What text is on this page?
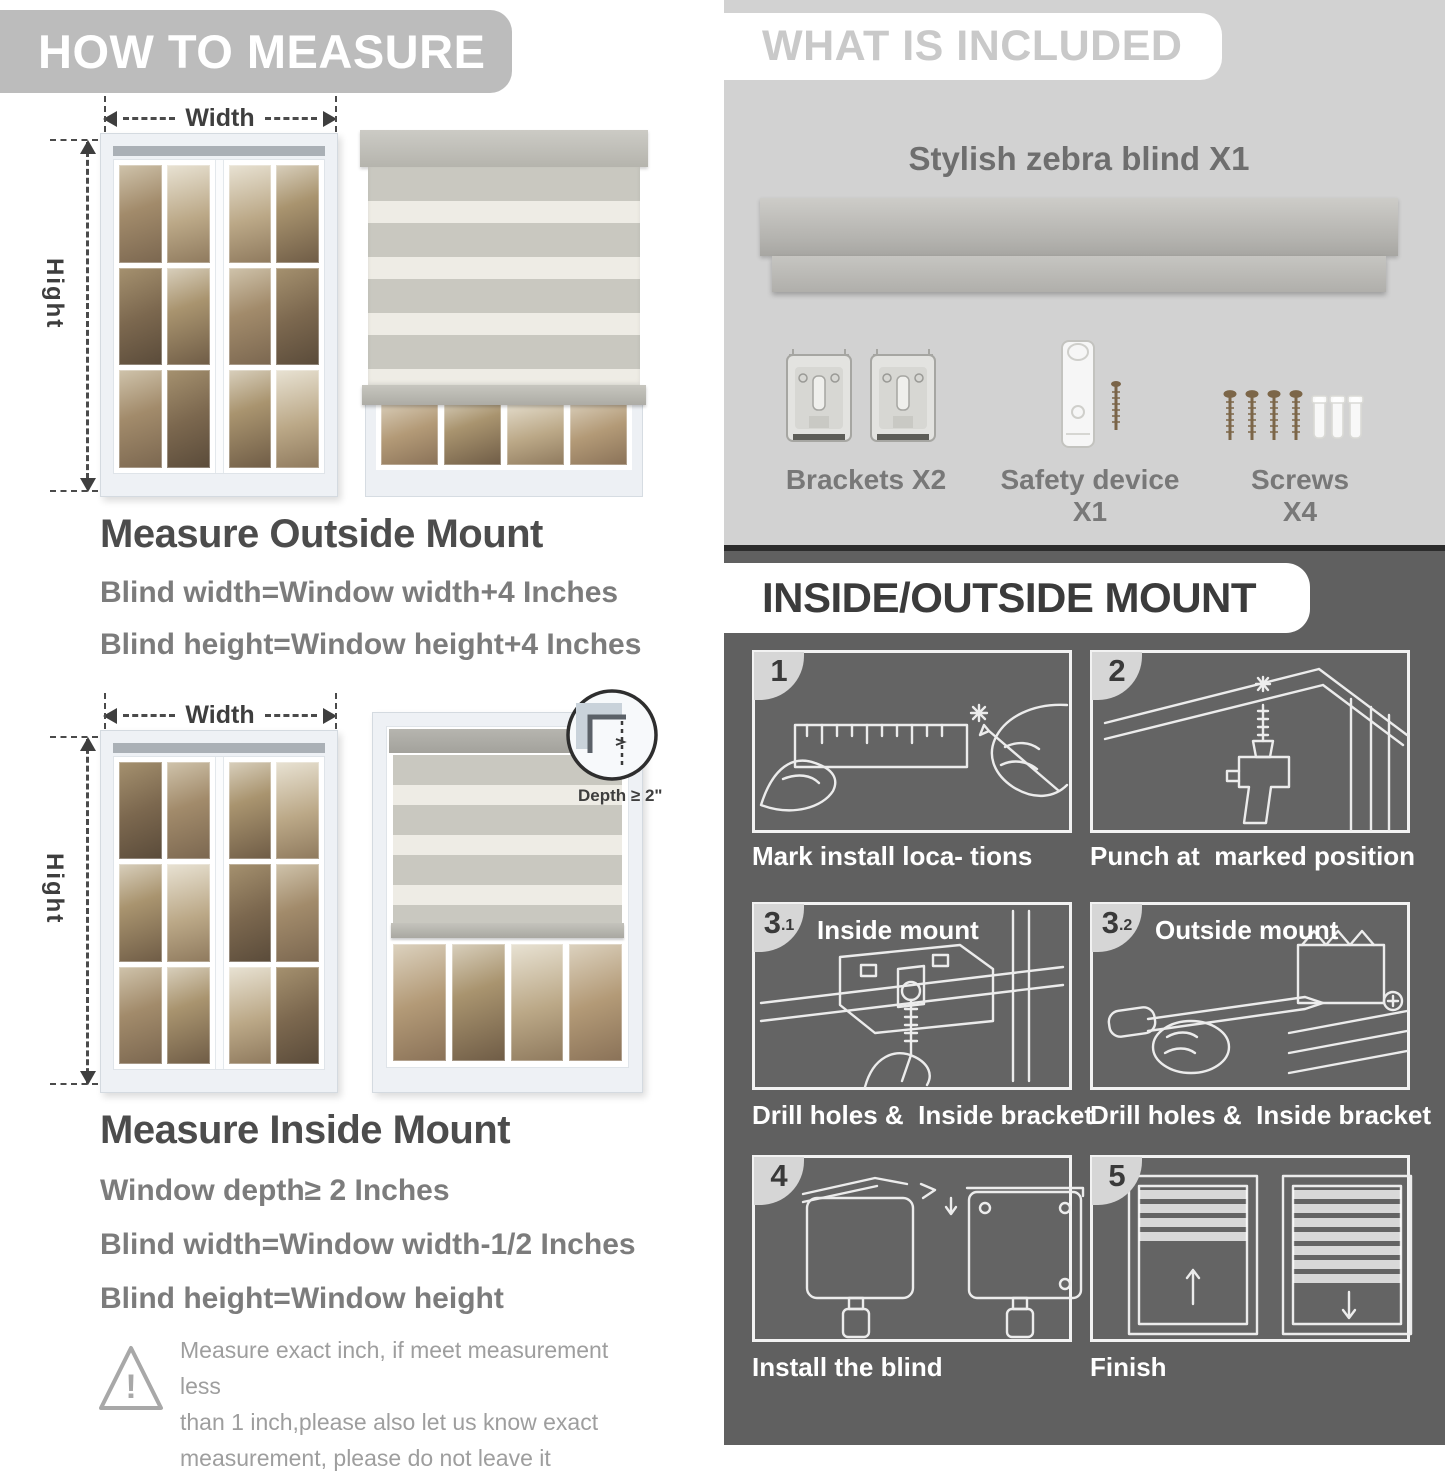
HOW TO MEASURE
Width
Hight
Measure Outside Mount
Blind width=Window width+4 Inches
Blind height=Window height+4 Inches
Width
Hight
Depth ≥ 2"
Measure Inside Mount
Window depth≥ 2 Inches
Blind width=Window width-1/2 Inches
Blind height=Window height
!
Measure exact inch, if meet measurement less
than 1 inch,please also let us know exact
measurement, please do not leave it
WHAT IS INCLUDED
Stylish zebra blind X1
Brackets X2	Safety device X1
Screws X4
INSIDE/OUTSIDE MOUNT
1
Mark install loca- tions
2
Punch at  marked position
3 .1 Inside mount
Drill holes &  Inside bracket
3 .2 Outside mount
Drill holes &  Inside bracket
4
Install the blind
5
Finish
